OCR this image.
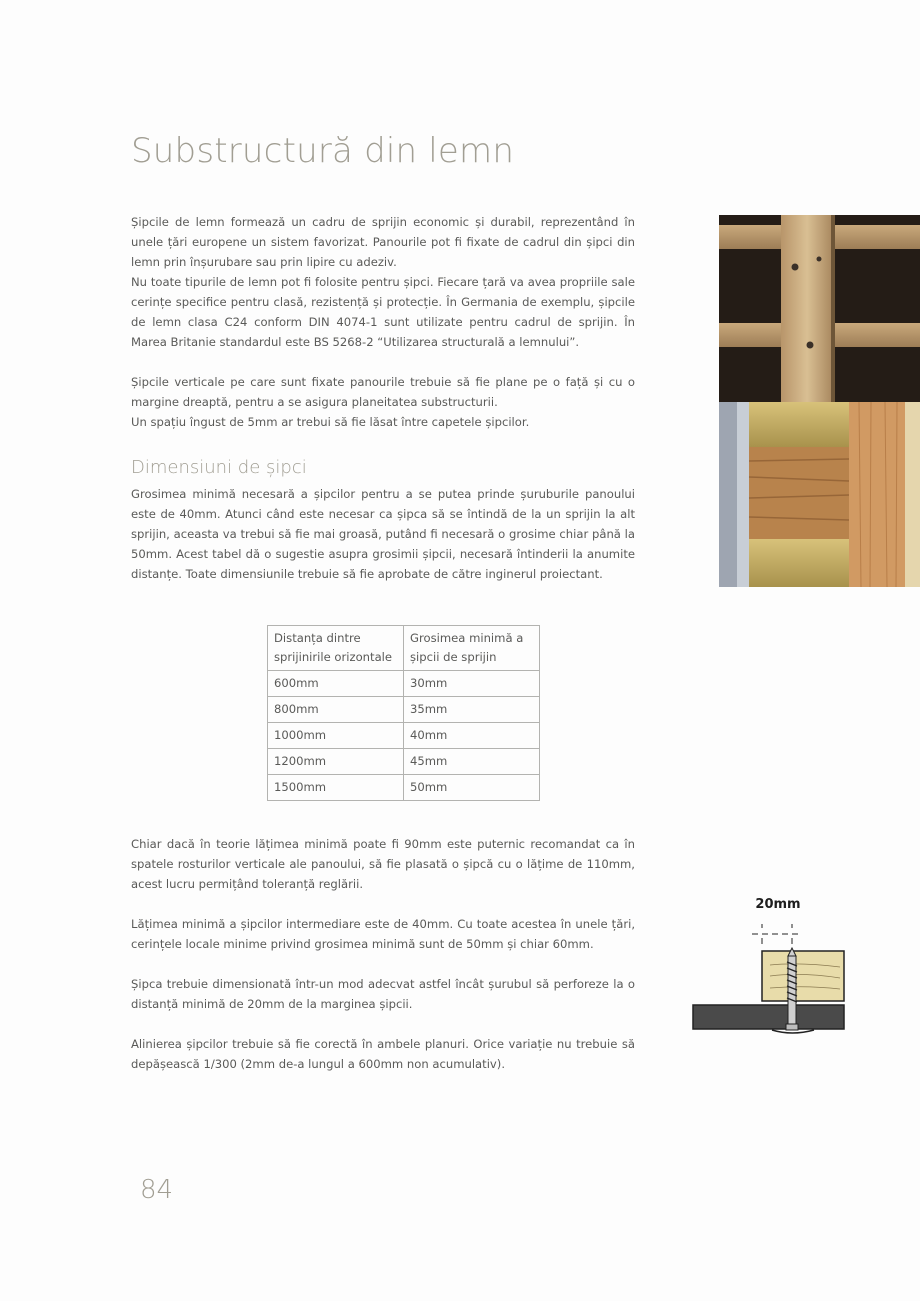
Substructură din lemn

Șipcile de lemn formează un cadru de sprijin economic și durabil, reprezentând în unele țări europene un sistem favorizat. Panourile pot fi fixate de cadrul din șipci din lemn prin înșurubare sau prin lipire cu adeziv.

Nu toate tipurile de lemn pot fi folosite pentru șipci. Fiecare țară va avea propriile sale cerințe specifice pentru clasă, rezistență și protecție. În Germania de exemplu, șipcile de lemn clasa C24 conform DIN 4074-1 sunt utilizate pentru cadrul de sprijin. În Marea Britanie standardul este BS 5268-2 “Utilizarea structurală a lemnului”.

Șipcile verticale pe care sunt fixate panourile trebuie să fie plane pe o față și cu o margine dreaptă, pentru a se asigura planeitatea substructurii.

Un spațiu îngust de 5mm ar trebui să fie lăsat între capetele șipcilor.

Dimensiuni de șipci

Grosimea minimă necesară a șipcilor pentru a se putea prinde șuruburile panoului este de 40mm. Atunci când este necesar ca șipca să se întindă de la un sprijin la alt sprijin, aceasta va trebui să fie mai groasă, putând fi necesară o grosime chiar până la 50mm. Acest tabel dă o sugestie asupra grosimii șipcii, necesară întinderii la anumite distanțe. Toate dimensiunile trebuie să fie aprobate de către inginerul proiectant.

Distanța dintre sprijinirile orizontale	Grosimea minimă a șipcii de sprijin
600mm	30mm
800mm	35mm
1000mm	40mm
1200mm	45mm
1500mm	50mm

Chiar dacă în teorie lățimea minimă poate fi 90mm este puternic recomandat ca în spatele rosturilor verticale ale panoului, să fie plasată o șipcă cu o lățime de 110mm, acest lucru permițând toleranță reglării.

Lățimea minimă a șipcilor intermediare este de 40mm. Cu toate acestea în unele țări, cerințele locale minime privind grosimea minimă sunt de 50mm și chiar 60mm.

Șipca trebuie dimensionată într-un mod adecvat astfel încât șurubul să perforeze la o distanță minimă de 20mm de la marginea șipcii.

Alinierea șipcilor trebuie să fie corectă în ambele planuri. Orice variație nu trebuie să depășească 1/300 (2mm de-a lungul a 600mm non acumulativ).

20mm
84
